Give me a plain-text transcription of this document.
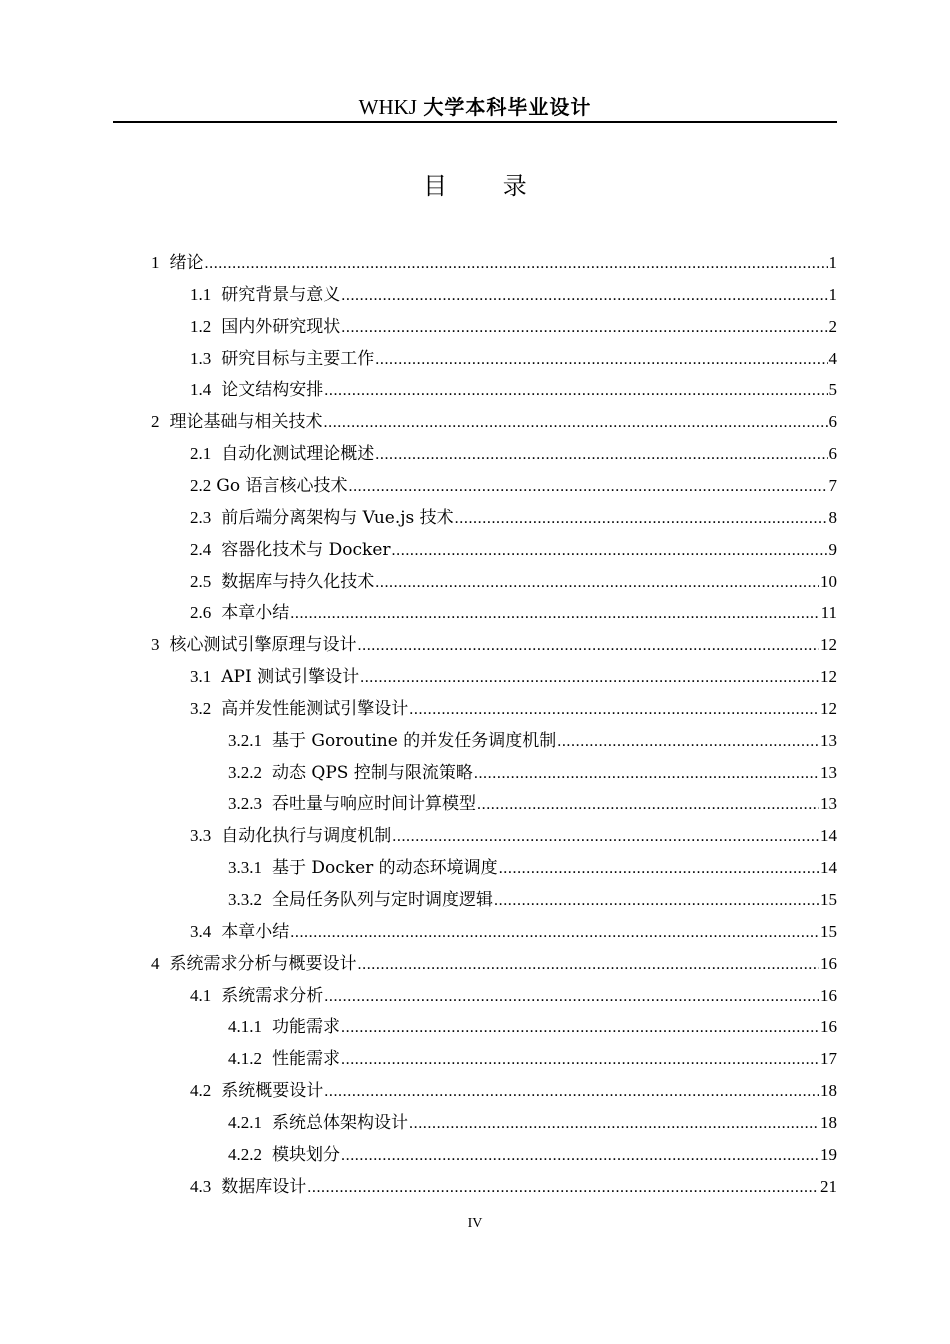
WHKJ 大学本科毕业设计
目 录
1 绪论 .....	1
1.1 研究背景与意义 .....	1
1.2 国内外研究现状 .....	2
1.3 研究目标与主要工作 .....	4
1.4 论文结构安排 .....	5
2 理论基础与相关技术 .....	6
2.1 自动化测试理论概述 .....	6
2.2 Go 语言核心技术 .....	7
2.3 前后端分离架构与 Vue.js 技术 .....	8
2.4 容器化技术与 Docker .....	9
2.5 数据库与持久化技术 .....	10
2.6 本章小结 .....	11
3 核心测试引擎原理与设计 .....	12
3.1 API 测试引擎设计 .....	12
3.2 高并发性能测试引擎设计 .....	12
3.2.1 基于 Goroutine 的并发任务调度机制 .....	13
3.2.2 动态 QPS 控制与限流策略 .....	13
3.2.3 吞吐量与响应时间计算模型 .....	13
3.3 自动化执行与调度机制 .....	14
3.3.1 基于 Docker 的动态环境调度 .....	14
3.3.2 全局任务队列与定时调度逻辑 .....	15
3.4 本章小结 .....	15
4 系统需求分析与概要设计 .....	16
4.1 系统需求分析 .....	16
4.1.1 功能需求 .....	16
4.1.2 性能需求 .....	17
4.2 系统概要设计 .....	18
4.2.1 系统总体架构设计 .....	18
4.2.2 模块划分 .....	19
4.3 数据库设计 .....	21
IV
